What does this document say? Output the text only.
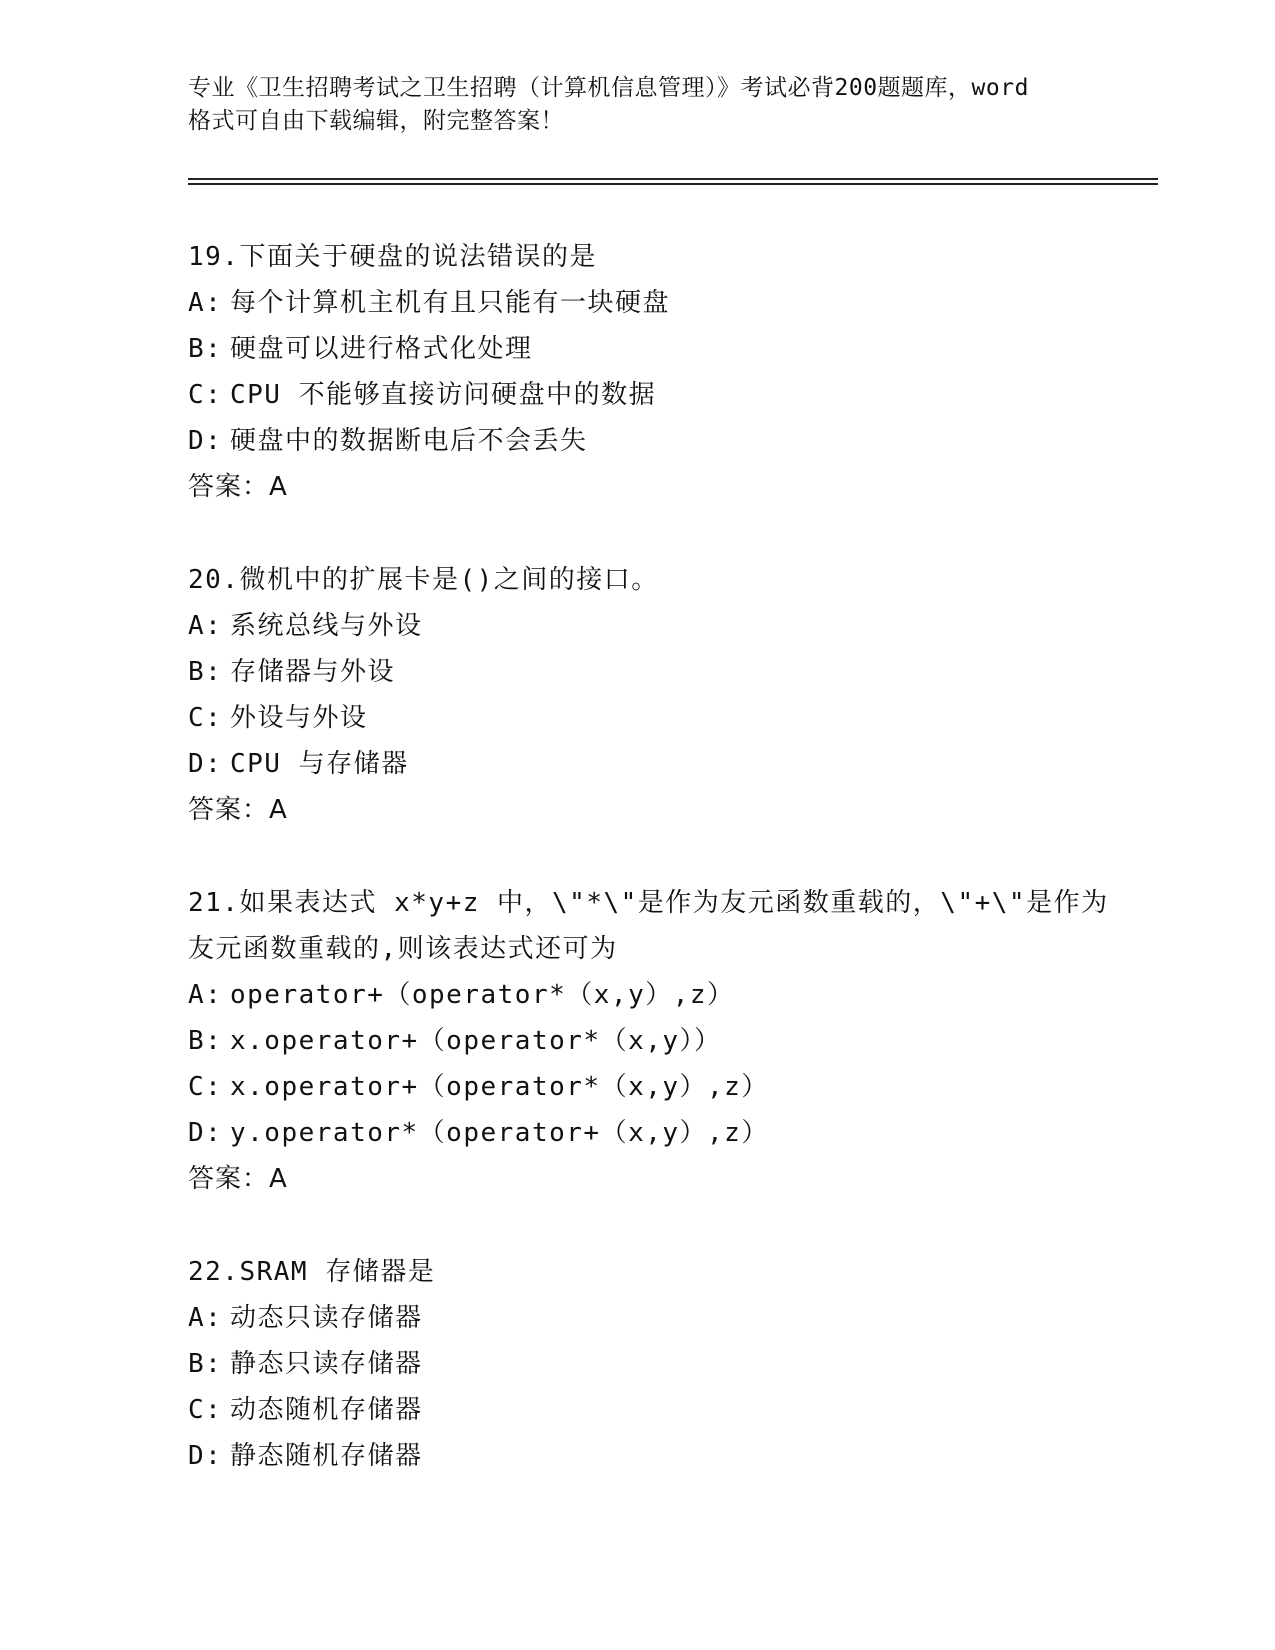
专业《卫生招聘考试之卫生招聘（计算机信息管理）》考试必背200题题库，word
格式可自由下载编辑，附完整答案！
19.下面关于硬盘的说法错误的是
A: 每个计算机主机有且只能有一块硬盘
B: 硬盘可以进行格式化处理
C: CPU 不能够直接访问硬盘中的数据
D: 硬盘中的数据断电后不会丢失
答案：A
20.微机中的扩展卡是()之间的接口。
A: 系统总线与外设
B: 存储器与外设
C: 外设与外设
D: CPU 与存储器
答案：A
21.如果表达式 x*y+z 中，\"*\"是作为友元函数重载的，\"+\"是作为
友元函数重载的,则该表达式还可为
A: operator+（operator*（x,y）,z）
B: x.operator+（operator*（x,y））
C: x.operator+（operator*（x,y）,z）
D: y.operator*（operator+（x,y）,z）
答案：A
22.SRAM 存储器是
A: 动态只读存储器
B: 静态只读存储器
C: 动态随机存储器
D: 静态随机存储器
